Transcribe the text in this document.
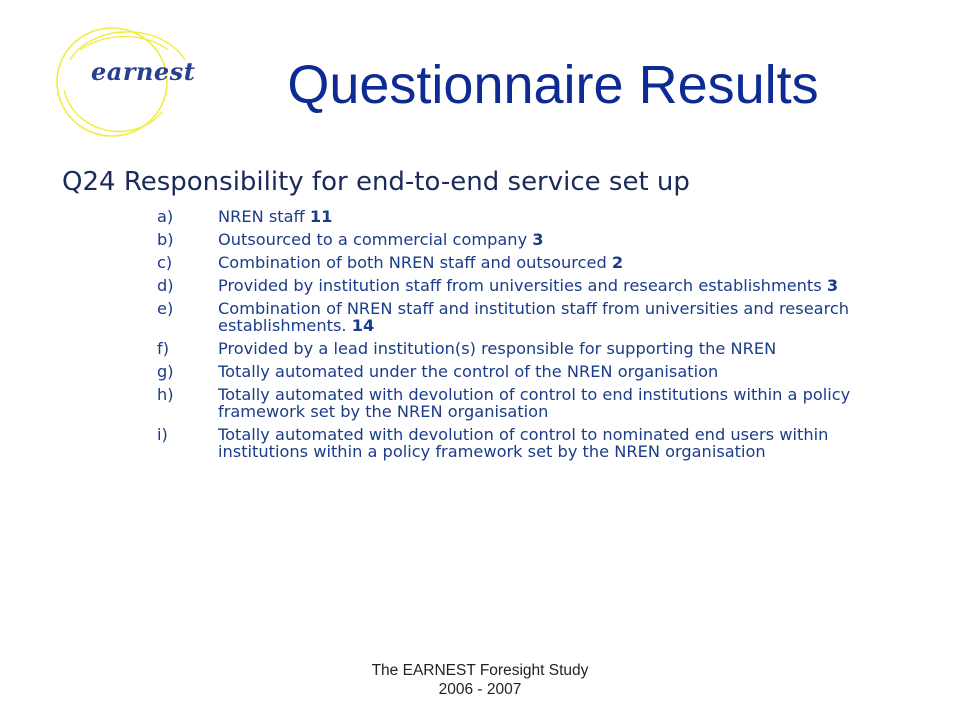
earnest	Questionnaire Results
Q24 Responsibility for end-to-end service set up
a)	NREN staff 11
b)	Outsourced to a commercial company 3
c)	Combination of both NREN staff and outsourced 2
d)	Provided by institution staff from universities and research establishments 3
e)	Combination of NREN staff and institution staff from universities and research establishments. 14
f)	Provided by a lead institution(s) responsible for supporting the NREN
g)	Totally automated under the control of the NREN organisation
h)	Totally automated with devolution of control to end institutions within a policy framework set by the NREN organisation
i)	Totally automated with devolution of control to nominated end users within institutions within a policy framework set by the NREN organisation
The EARNEST Foresight Study
2006 - 2007
